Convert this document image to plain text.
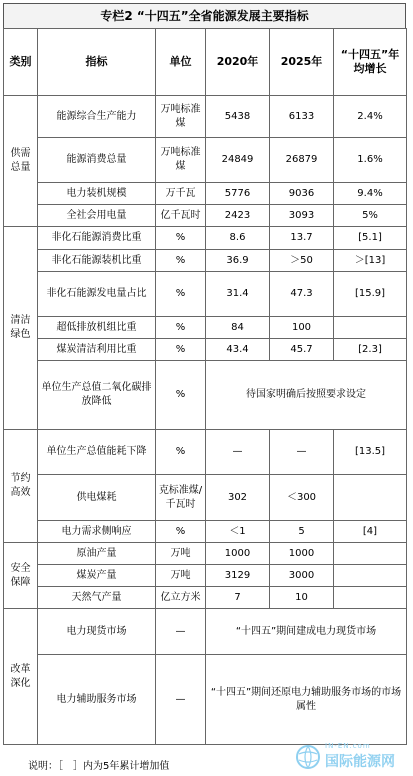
专栏2 “十四五”全省能源发展主要指标
类别	指标	单位	2020年	2025年	“十四五”年均增长
供需总量	能源综合生产能力	万吨标准煤	5438	6133	2.4%
	能源消费总量	万吨标准煤	24849	26879	1.6%
	电力装机规模	万千瓦	5776	9036	9.4%
	全社会用电量	亿千瓦时	2423	3093	5%
清洁绿色	非化石能源消费比重	%	8.6	13.7	[5.1]
	非化石能源装机比重	%	36.9	＞50	＞[13]
	非化石能源发电量占比	%	31.4	47.3	[15.9]
	超低排放机组比重	%	84	100	
	煤炭清洁利用比重	%	43.4	45.7	[2.3]
	单位生产总值二氧化碳排放降低	%	待国家明确后按照要求设定		
节约高效	单位生产总值能耗下降	%	—	—	[13.5]
	供电煤耗	克标准煤/千瓦时	302	＜300	
	电力需求侧响应	%	＜1	5	[4]
安全保障	原油产量	万吨	1000	1000	
	煤炭产量	万吨	3129	3000	
	天然气产量	亿立方米	7	10	
改革深化	电力现货市场	—	“十四五”期间建成电力现货市场		
	电力辅助服务市场	—	“十四五”期间还原电力辅助服务市场的市场属性		
说明：［　］内为5年累计增加值
IN-EN.com
国际能源网
